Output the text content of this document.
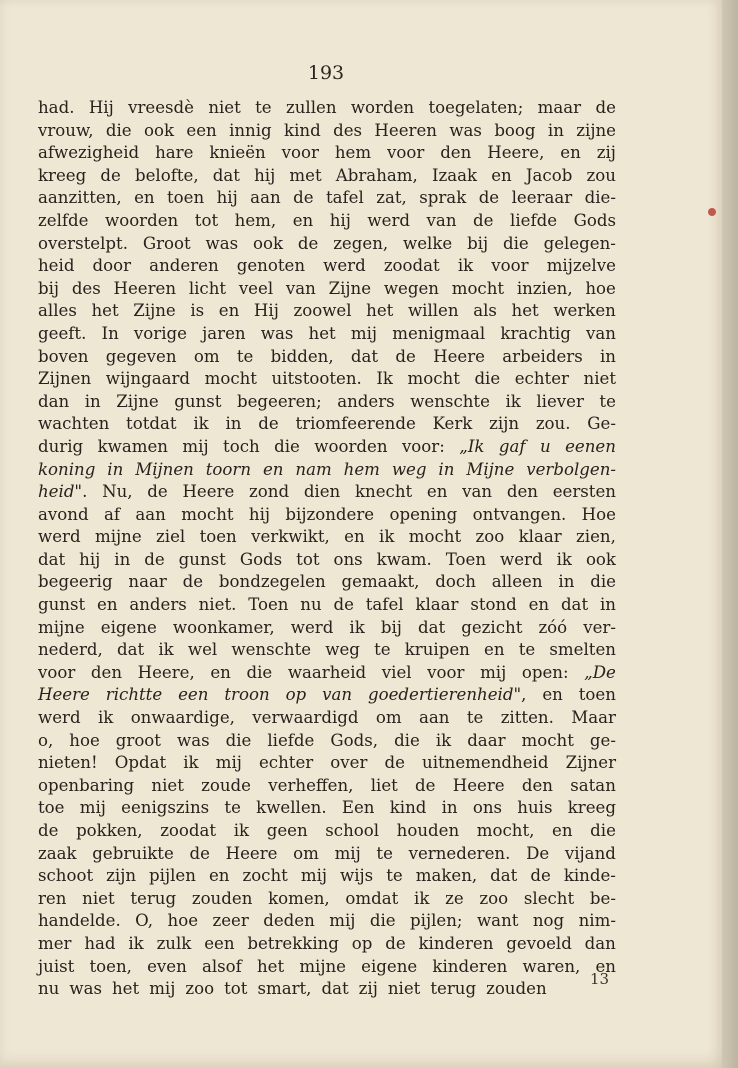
193
had. Hij vreesdè niet te zullen worden toegelaten; maar de
vrouw, die ook een innig kind des Heeren was boog in zijne
afwezigheid hare knieën voor hem voor den Heere, en zij
kreeg de belofte, dat hij met Abraham, Izaak en Jacob zou
aanzitten, en toen hij aan de tafel zat, sprak de leeraar die-
zelfde woorden tot hem, en hij werd van de liefde Gods
overstelpt. Groot was ook de zegen, welke bij die gelegen-
heid door anderen genoten werd zoodat ik voor mijzelve
bij des Heeren licht veel van Zijne wegen mocht inzien, hoe
alles het Zijne is en Hij zoowel het willen als het werken
geeft. In vorige jaren was het mij menigmaal krachtig van
boven gegeven om te bidden, dat de Heere arbeiders in
Zijnen wijngaard mocht uitstooten. Ik mocht die echter niet
dan in Zijne gunst begeeren; anders wenschte ik liever te
wachten totdat ik in de triomfeerende Kerk zijn zou. Ge-
durig kwamen mij toch die woorden voor: „Ik gaf u eenen
koning in Mijnen toorn en nam hem weg in Mijne verbolgen-
heid". Nu, de Heere zond dien knecht en van den eersten
avond af aan mocht hij bijzondere opening ontvangen. Hoe
werd mijne ziel toen verkwikt, en ik mocht zoo klaar zien,
dat hij in de gunst Gods tot ons kwam. Toen werd ik ook
begeerig naar de bondzegelen gemaakt, doch alleen in die
gunst en anders niet. Toen nu de tafel klaar stond en dat in
mijne eigene woonkamer, werd ik bij dat gezicht zóó ver-
nederd, dat ik wel wenschte weg te kruipen en te smelten
voor den Heere, en die waarheid viel voor mij open: „De
Heere richtte een troon op van goedertierenheid", en toen
werd ik onwaardige, verwaardigd om aan te zitten. Maar
o, hoe groot was die liefde Gods, die ik daar mocht ge-
nieten! Opdat ik mij echter over de uitnemendheid Zijner
openbaring niet zoude verheffen, liet de Heere den satan
toe mij eenigszins te kwellen. Een kind in ons huis kreeg
de pokken, zoodat ik geen school houden mocht, en die
zaak gebruikte de Heere om mij te vernederen. De vijand
schoot zijn pijlen en zocht mij wijs te maken, dat de kinde-
ren niet terug zouden komen, omdat ik ze zoo slecht be-
handelde. O, hoe zeer deden mij die pijlen; want nog nim-
mer had ik zulk een betrekking op de kinderen gevoeld dan
juist toen, even alsof het mijne eigene kinderen waren, en
nu was het mij zoo tot smart, dat zij niet terug zouden
13
